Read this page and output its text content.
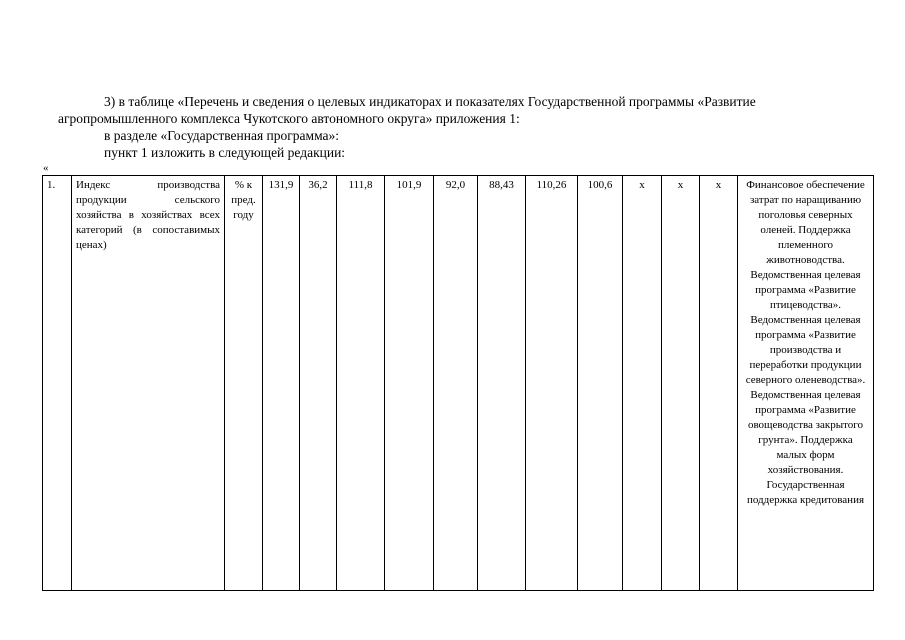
3) в таблице «Перечень и сведения о целевых индикаторах и показателях Государственной программы «Развитие
агропромышленного комплекса Чукотского автономного округа» приложения 1:
в разделе «Государственная программа»:
пункт 1 изложить в следующей редакции:
«
1.	Индекс производства продукции сельского хозяйства в хозяйствах всех категорий (в сопоставимых ценах)	% к пред. году	131,9	36,2	111,8	101,9	92,0	88,43	110,26	100,6	x	x	x	Финансовое обеспечение затрат по наращиванию поголовья северных оленей. Поддержка племенного животноводства. Ведомственная целевая программа «Развитие птицеводства». Ведомственная целевая программа «Развитие производства и переработки продукции северного оленеводства». Ведомственная целевая программа «Развитие овощеводства закрытого грунта». Поддержка малых форм хозяйствования. Государственная поддержка кредитования
